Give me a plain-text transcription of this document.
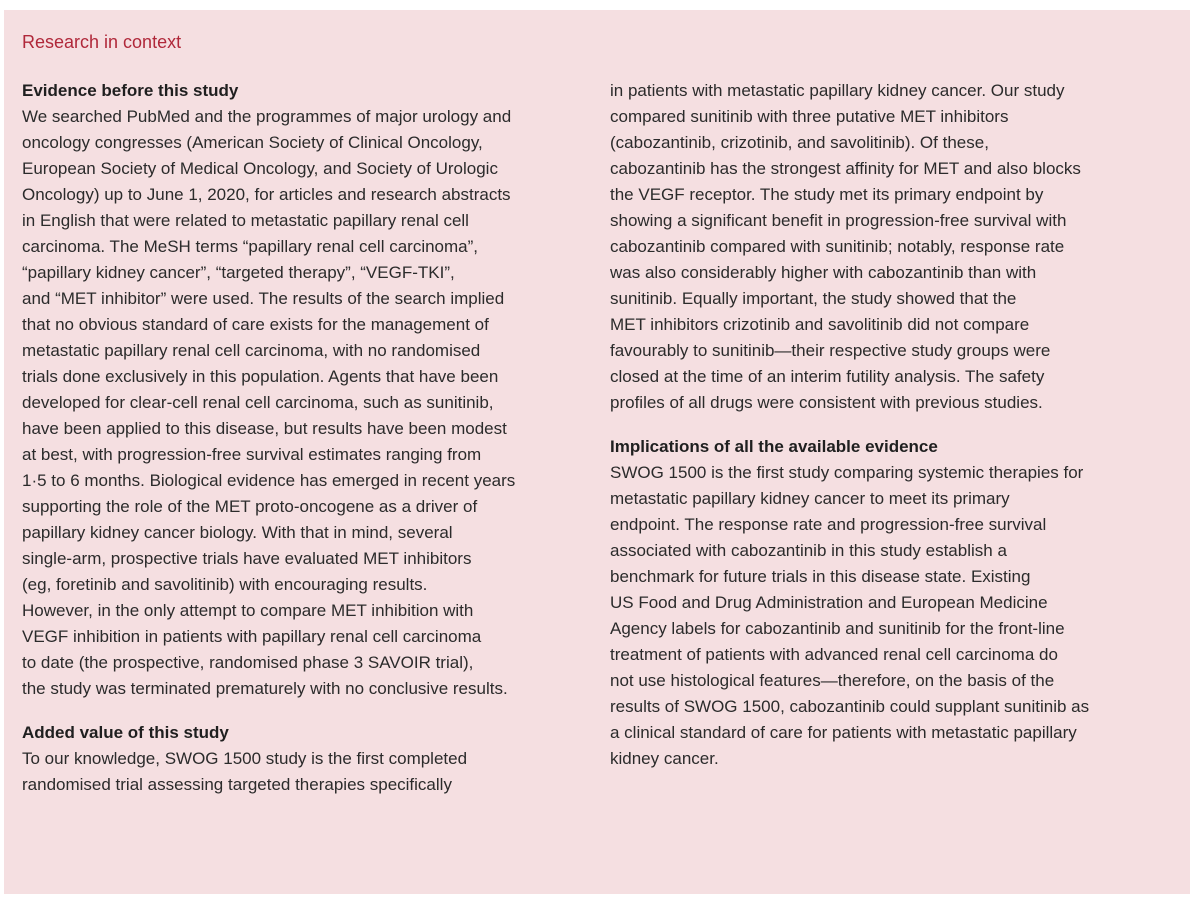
Research in context
Evidence before this study
We searched PubMed and the programmes of major urology and
oncology congresses (American Society of Clinical Oncology,
European Society of Medical Oncology, and Society of Urologic
Oncology) up to June 1, 2020, for articles and research abstracts
in English that were related to metastatic papillary renal cell
carcinoma. The MeSH terms “papillary renal cell carcinoma”,
“papillary kidney cancer”, “targeted therapy”, “VEGF-TKI”,
and “MET inhibitor” were used. The results of the search implied
that no obvious standard of care exists for the management of
metastatic papillary renal cell carcinoma, with no randomised
trials done exclusively in this population. Agents that have been
developed for clear-cell renal cell carcinoma, such as sunitinib,
have been applied to this disease, but results have been modest
at best, with progression-free survival estimates ranging from
1·5 to 6 months. Biological evidence has emerged in recent years
supporting the role of the MET proto-oncogene as a driver of
papillary kidney cancer biology. With that in mind, several
single-arm, prospective trials have evaluated MET inhibitors
(eg, foretinib and savolitinib) with encouraging results.
However, in the only attempt to compare MET inhibition with
VEGF inhibition in patients with papillary renal cell carcinoma
to date (the prospective, randomised phase 3 SAVOIR trial),
the study was terminated prematurely with no conclusive results.
Added value of this study
To our knowledge, SWOG 1500 study is the first completed
randomised trial assessing targeted therapies specifically
in patients with metastatic papillary kidney cancer. Our study
compared sunitinib with three putative MET inhibitors
(cabozantinib, crizotinib, and savolitinib). Of these,
cabozantinib has the strongest affinity for MET and also blocks
the VEGF receptor. The study met its primary endpoint by
showing a significant benefit in progression-free survival with
cabozantinib compared with sunitinib; notably, response rate
was also considerably higher with cabozantinib than with
sunitinib. Equally important, the study showed that the
MET inhibitors crizotinib and savolitinib did not compare
favourably to sunitinib—their respective study groups were
closed at the time of an interim futility analysis. The safety
profiles of all drugs were consistent with previous studies.
Implications of all the available evidence
SWOG 1500 is the first study comparing systemic therapies for
metastatic papillary kidney cancer to meet its primary
endpoint. The response rate and progression-free survival
associated with cabozantinib in this study establish a
benchmark for future trials in this disease state. Existing
US Food and Drug Administration and European Medicine
Agency labels for cabozantinib and sunitinib for the front-line
treatment of patients with advanced renal cell carcinoma do
not use histological features—therefore, on the basis of the
results of SWOG 1500, cabozantinib could supplant sunitinib as
a clinical standard of care for patients with metastatic papillary
kidney cancer.
